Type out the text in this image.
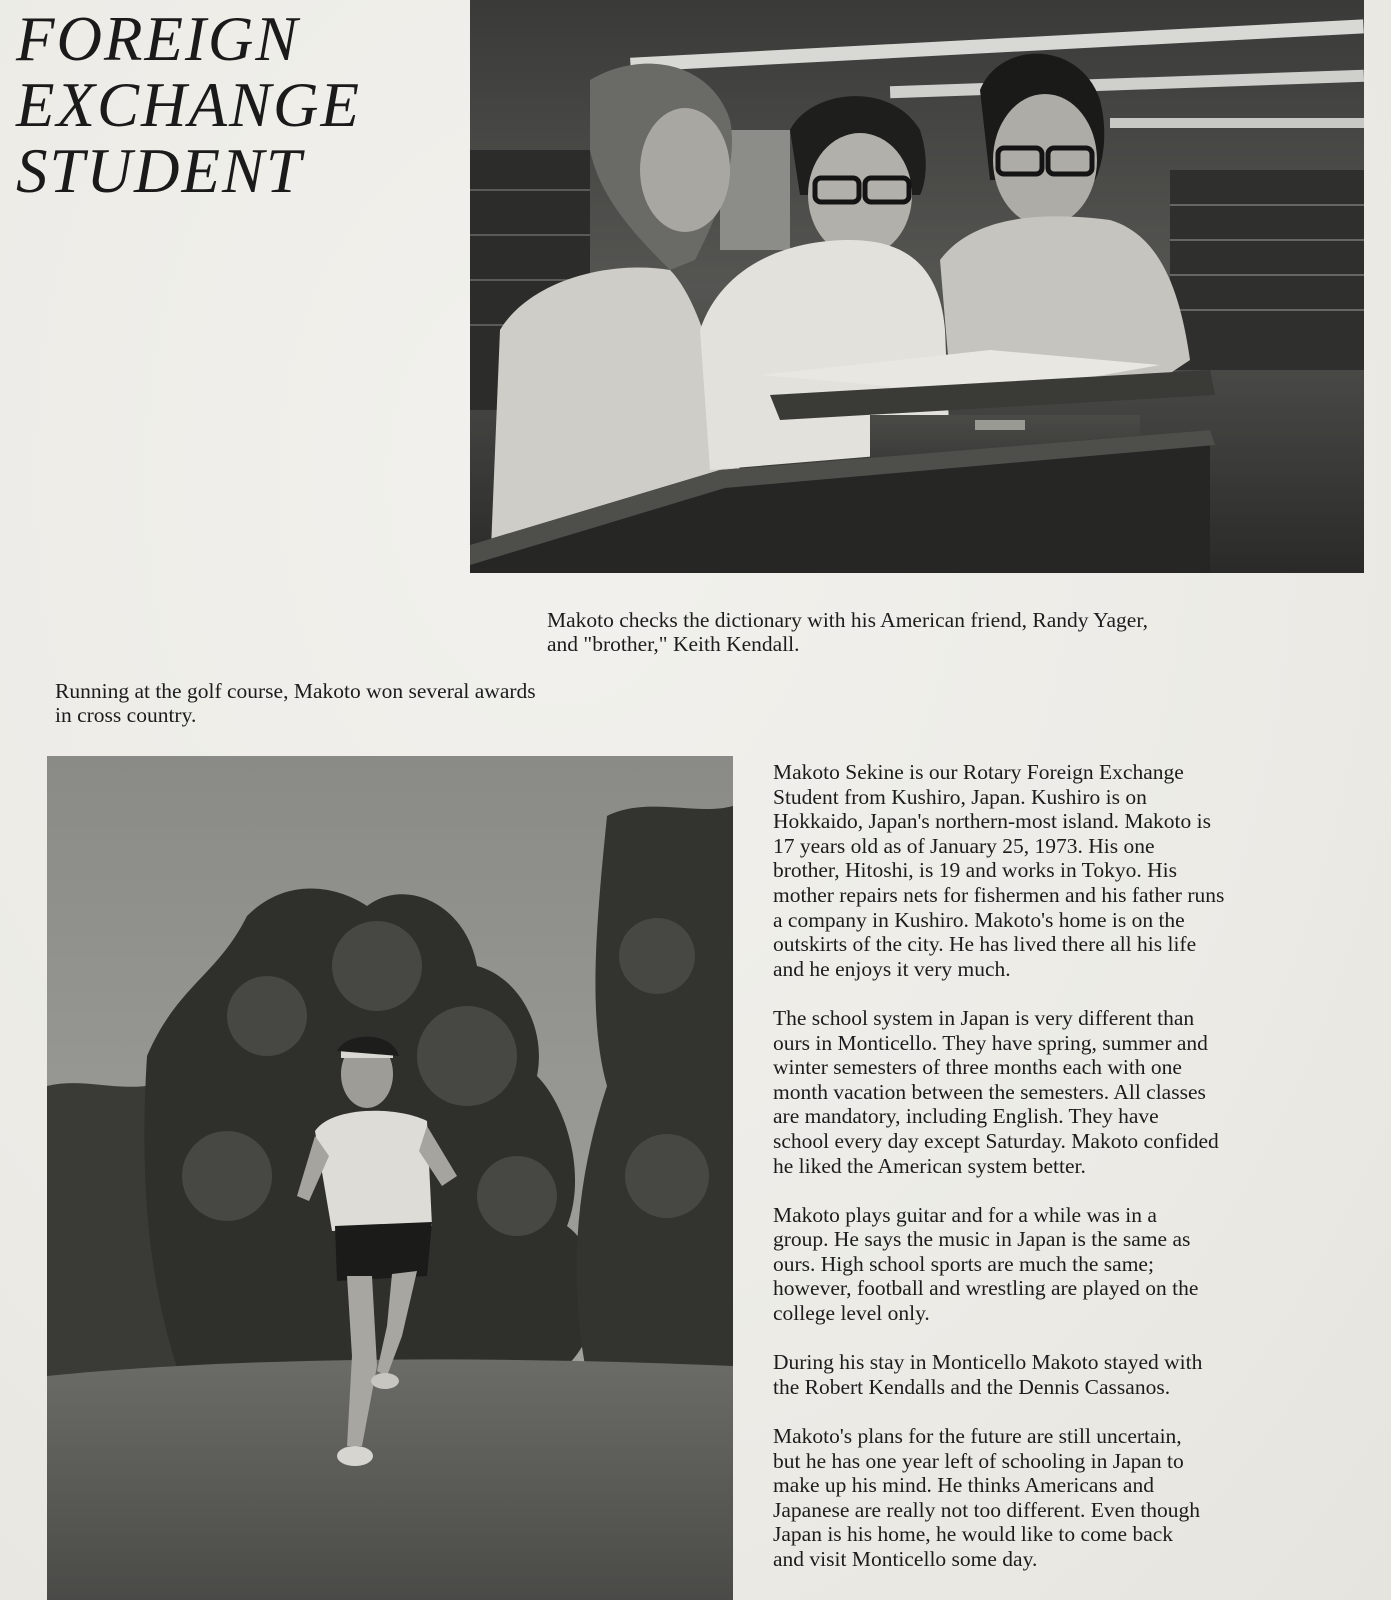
FOREIGN
EXCHANGE
STUDENT
Makoto checks the dictionary with his American friend, Randy Yager,
and "brother," Keith Kendall.
Running at the golf course, Makoto won several awards
in cross country.
Makoto Sekine is our Rotary Foreign Exchange
Student from Kushiro, Japan. Kushiro is on
Hokkaido, Japan's northern-most island. Makoto is
17 years old as of January 25, 1973. His one
brother, Hitoshi, is 19 and works in Tokyo. His
mother repairs nets for fishermen and his father runs
a company in Kushiro. Makoto's home is on the
outskirts of the city. He has lived there all his life
and he enjoys it very much.
The school system in Japan is very different than
ours in Monticello. They have spring, summer and
winter semesters of three months each with one
month vacation between the semesters. All classes
are mandatory, including English. They have
school every day except Saturday. Makoto confided
he liked the American system better.
Makoto plays guitar and for a while was in a
group. He says the music in Japan is the same as
ours. High school sports are much the same;
however, football and wrestling are played on the
college level only.
During his stay in Monticello Makoto stayed with
the Robert Kendalls and the Dennis Cassanos.
Makoto's plans for the future are still uncertain,
but he has one year left of schooling in Japan to
make up his mind. He thinks Americans and
Japanese are really not too different. Even though
Japan is his home, he would like to come back
and visit Monticello some day.
